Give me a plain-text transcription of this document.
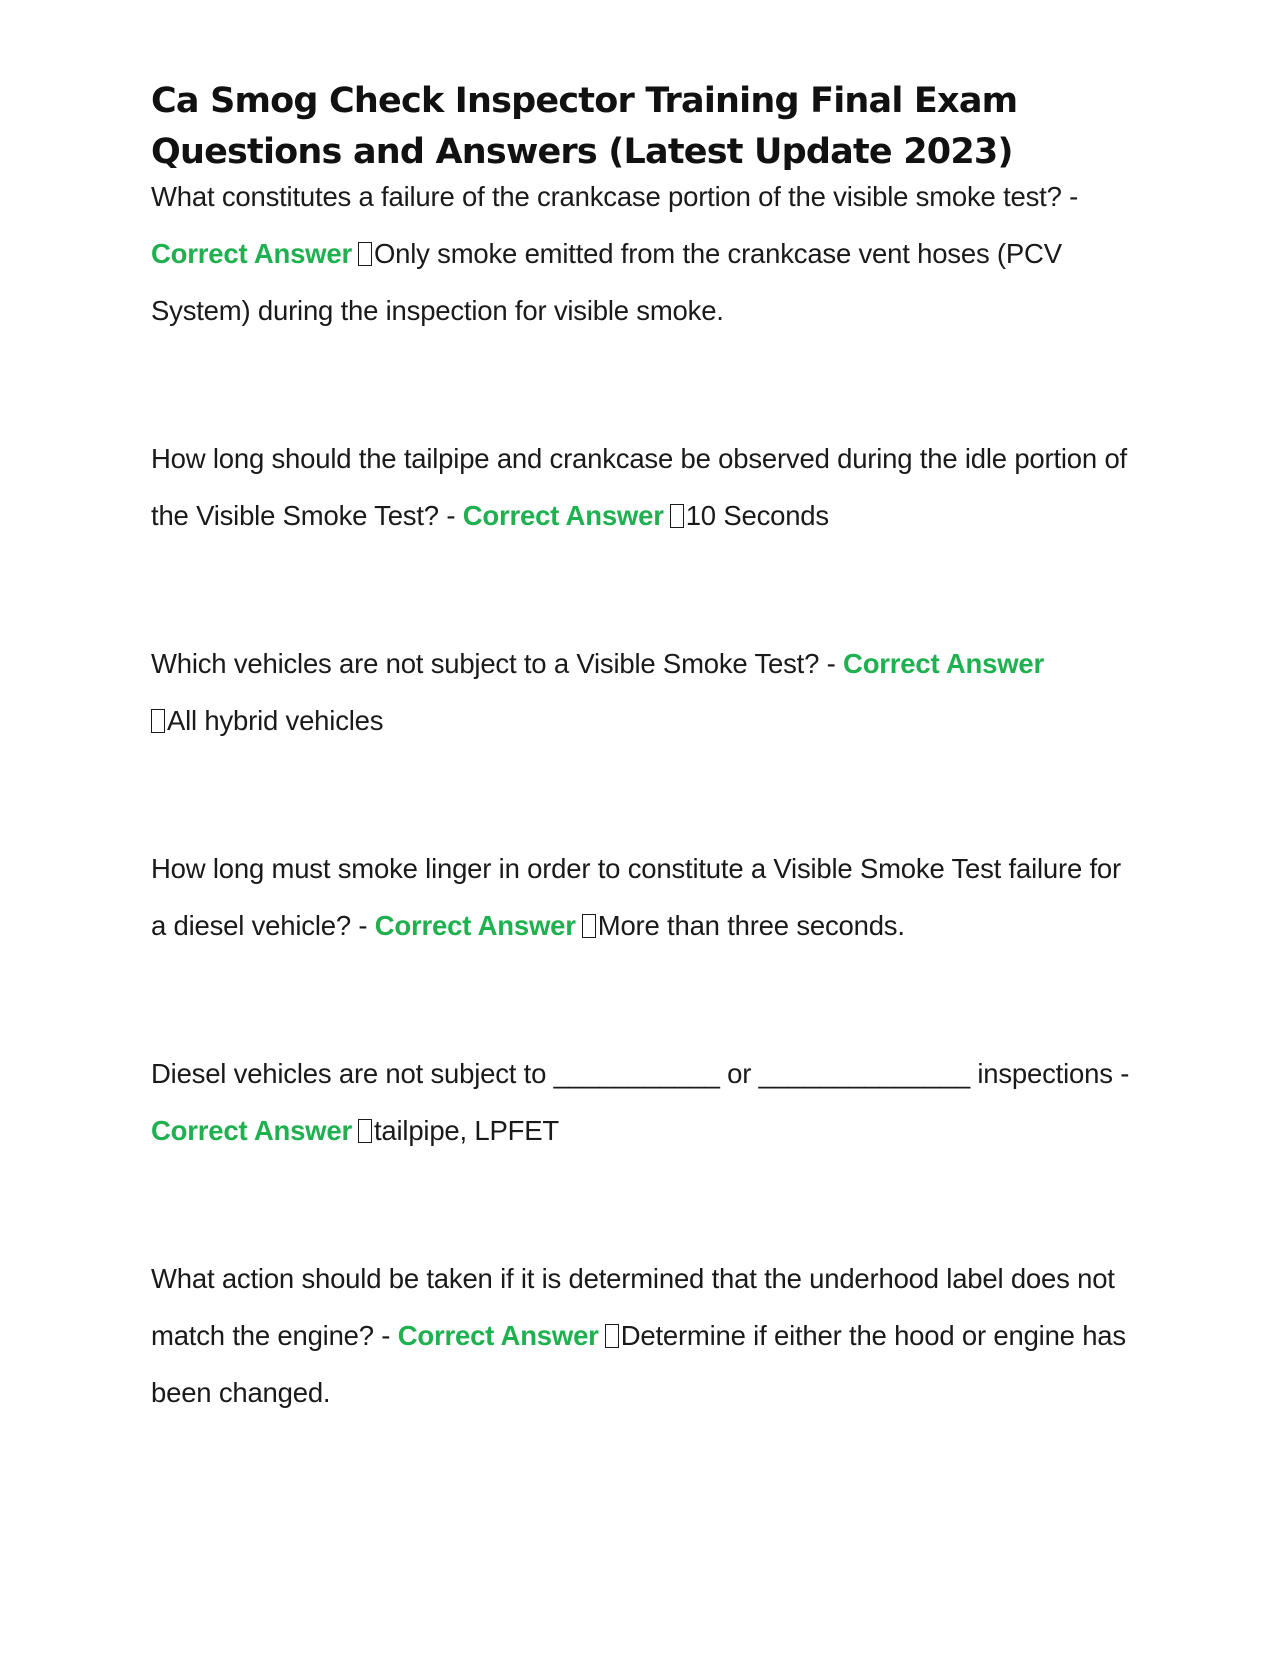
Ca Smog Check Inspector Training Final Exam Questions and Answers (Latest Update 2023)

What constitutes a failure of the crankcase portion of the visible smoke test? - Correct Answer Only smoke emitted from the crankcase vent hoses (PCV System) during the inspection for visible smoke.

How long should the tailpipe and crankcase be observed during the idle portion of the Visible Smoke Test? - Correct Answer 10 Seconds

Which vehicles are not subject to a Visible Smoke Test? - Correct Answer
All hybrid vehicles

How long must smoke linger in order to constitute a Visible Smoke Test failure for a diesel vehicle? - Correct Answer More than three seconds.

Diesel vehicles are not subject to ___________ or ______________ inspections - Correct Answer tailpipe, LPFET

What action should be taken if it is determined that the underhood label does not match the engine? - Correct Answer Determine if either the hood or engine has been changed.
